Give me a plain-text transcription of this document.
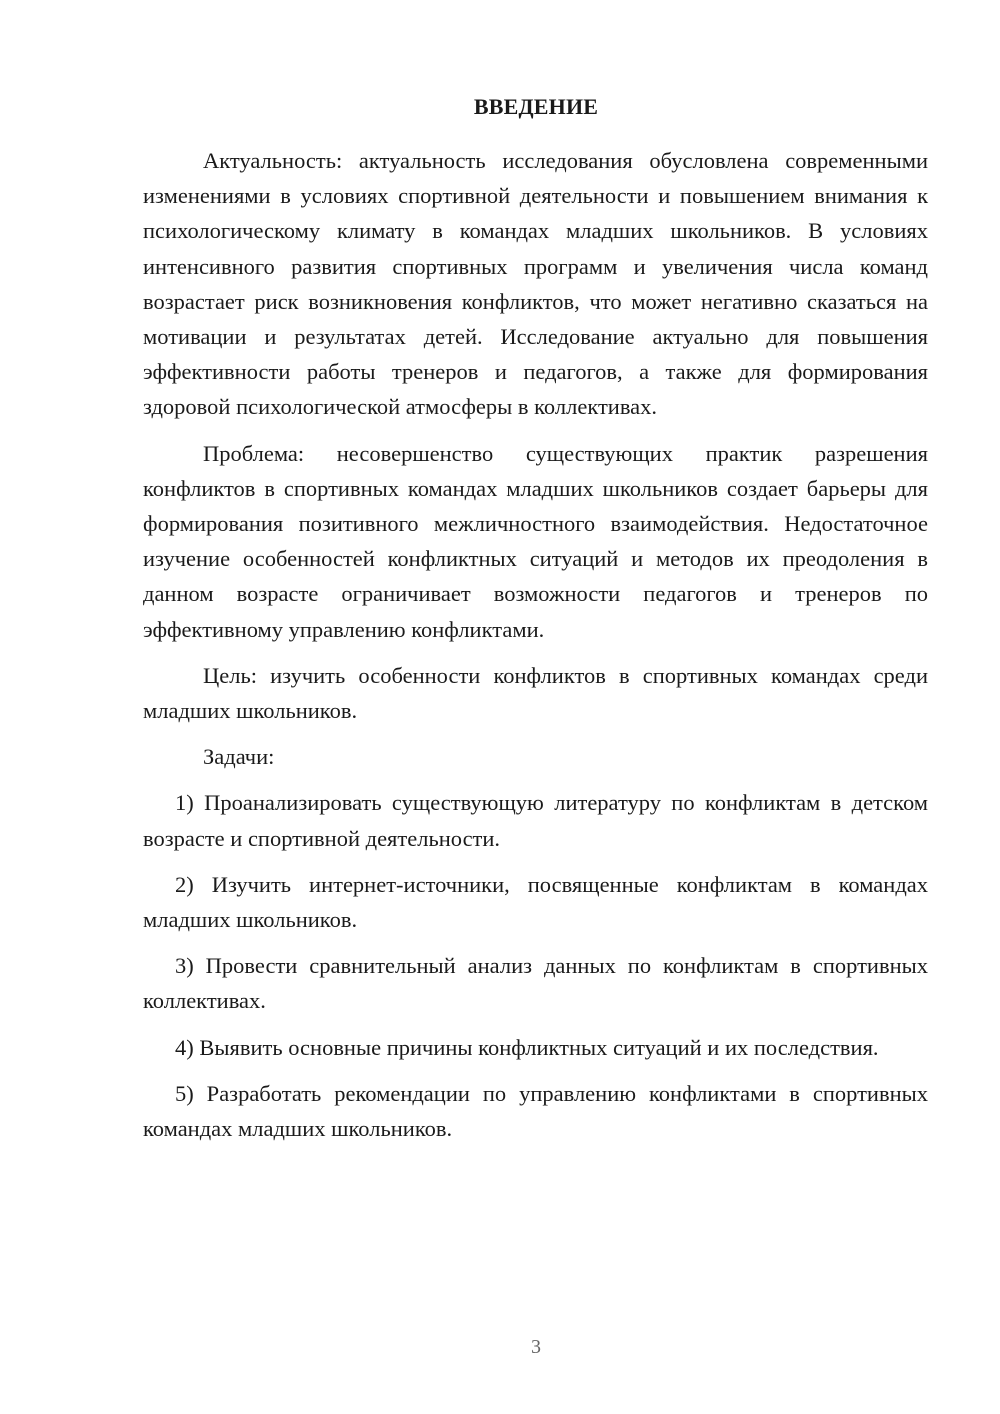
ВВЕДЕНИЕ

Актуальность: актуальность исследования обусловлена современными изменениями в условиях спортивной деятельности и повышением внимания к психологическому климату в командах младших школьников. В условиях интенсивного развития спортивных программ и увеличения числа команд возрастает риск возникновения конфликтов, что может негативно сказаться на мотивации и результатах детей. Исследование актуально для повышения эффективности работы тренеров и педагогов, а также для формирования здоровой психологической атмосферы в коллективах.

Проблема: несовершенство существующих практик разрешения конфликтов в спортивных командах младших школьников создает барьеры для формирования позитивного межличностного взаимодействия. Недостаточное изучение особенностей конфликтных ситуаций и методов их преодоления в данном возрасте ограничивает возможности педагогов и тренеров по эффективному управлению конфликтами.

Цель: изучить особенности конфликтов в спортивных командах среди младших школьников.

Задачи:

1) Проанализировать существующую литературу по конфликтам в детском возрасте и спортивной деятельности.

2) Изучить интернет-источники, посвященные конфликтам в командах младших школьников.

3) Провести сравнительный анализ данных по конфликтам в спортивных коллективах.

4) Выявить основные причины конфликтных ситуаций и их последствия.

5) Разработать рекомендации по управлению конфликтами в спортивных командах младших школьников.

3
